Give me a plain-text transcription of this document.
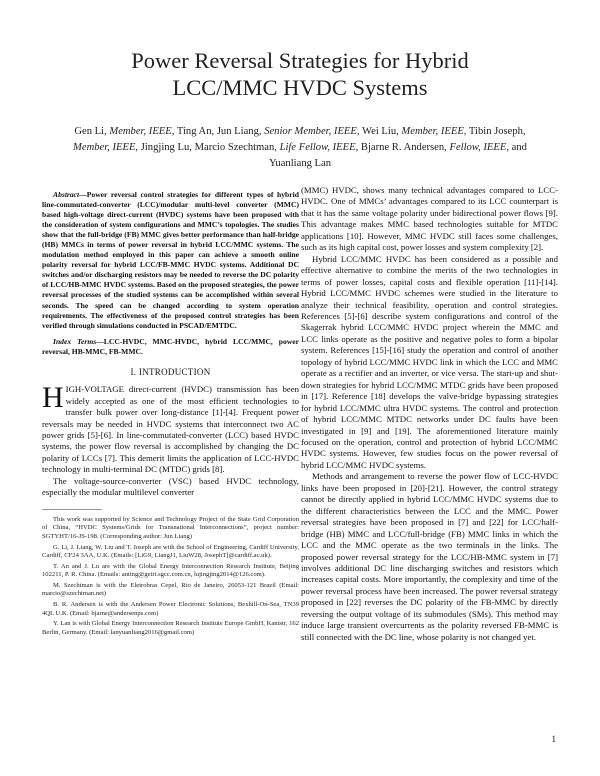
Power Reversal Strategies for Hybrid
LCC/MMC HVDC Systems
Gen Li, Member, IEEE, Ting An, Jun Liang, Senior Member, IEEE, Wei Liu, Member, IEEE, Tibin Joseph, Member, IEEE, Jingjing Lu, Marcio Szechtman, Life Fellow, IEEE, Bjarne R. Andersen, Fellow, IEEE, and Yuanliang Lan

Abstract—Power reversal control strategies for different types of hybrid line-commutated-converter (LCC)/modular multi-level converter (MMC) based high-voltage direct-current (HVDC) systems have been proposed with the consideration of system configurations and MMC’s topologies. The studies show that the full-bridge (FB) MMC gives better performance than half-bridge (HB) MMCs in terms of power reversal in hybrid LCC/MMC systems. The modulation method employed in this paper can achieve a smooth online polarity reversal for hybrid LCC/FB-MMC HVDC systems. Additional DC switches and/or discharging resistors may be needed to reverse the DC polarity of LCC/HB-MMC HVDC systems. Based on the proposed strategies, the power reversal processes of the studied systems can be accomplished within several seconds. The speed can be changed according to system operation requirements. The effectiveness of the proposed control strategies has been verified through simulations conducted in PSCAD/EMTDC.

Index Terms—LCC-HVDC, MMC-HVDC, hybrid LCC/MMC, power reversal, HB-MMC, FB-MMC.

I. INTRODUCTION

HIGH-VOLTAGE direct-current (HVDC) transmission has been widely accepted as one of the most efficient technologies to transfer bulk power over long-distance [1]-[4]. Frequent power reversals may be needed in HVDC systems that interconnect two AC power grids [5]-[6]. In line-commutated-converter (LCC) based HVDC systems, the power flow reversal is accomplished by changing the DC polarity of LCCs [7]. This demerit limits the application of LCC-HVDC technology in multi-terminal DC (MTDC) grids [8].

The voltage-source-converter (VSC) based HVDC technology, especially the modular multilevel converter

This work was supported by Science and Technology Project of the State Grid Corporation of China, “HVDC Systems/Grids for Transnational Interconnections”, project number: SGTYHT/16-JS-198. (Corresponding author: Jun Liang)

G. Li, J. Liang, W. Liu and T. Joseph are with the School of Engineering, Cardiff University, Cardiff, CF24 3AA, U.K. (Emails: [LiG9, LiangJ1, LiuW28, JosephT]@cardiff.ac.uk).

T. An and J. Lu are with the Global Energy Interconnection Research Institute, Beijing 102211, P. R. China. (Emails: anting@geiri.sgcc.com.cn, lujingjing2014@126.com).

M. Szechtman is with the Eletrobras Cepel, Rio de Janeiro, 26053-121 Brazil (Email: marcio@szechtman.net)

B. R. Andersen is with the Andersen Power Electronic Solutions, Bexhill-On-Sea, TN39 4QL U.K. (Email: bjarne@andersenps.com)

Y. Lan is with Global Energy Interconnection Research Institute Europe GmbH, Kantstr, 162 Berlin, Germany. (Email: lanyuanliang2016@gmail.com)

(MMC) HVDC, shows many technical advantages compared to LCC-HVDC. One of MMCs’ advantages compared to its LCC counterpart is that it has the same voltage polarity under bidirectional power flows [9]. This advantage makes MMC based technologies suitable for MTDC applications [10]. However, MMC HVDC still faces some challenges, such as its high capital cost, power losses and system complexity [2].

Hybrid LCC/MMC HVDC has been considered as a possible and effective alternative to combine the merits of the two technologies in terms of power losses, capital costs and flexible operation [11]-[14]. Hybrid LCC/MMC HVDC schemes were studied in the literature to analyze their technical feasibility, operation and control strategies. References [5]-[6] describe system configurations and control of the Skagerrak hybrid LCC/MMC HVDC project wherein the MMC and LCC links operate as the positive and negative poles to form a bipolar system. References [15]-[16] study the operation and control of another topology of hybrid LCC/MMC HVDC link in which the LCC and MMC operate as a rectifier and an inverter, or vice versa. The start-up and shut-down strategies for hybrid LCC/MMC MTDC grids have been proposed in [17]. Reference [18] develops the valve-bridge bypassing strategies for hybrid LCC/MMC ultra HVDC systems. The control and protection of hybrid LCC/MMC MTDC networks under DC faults have been investigated in [9] and [19]. The aforementioned literature mainly focused on the operation, control and protection of hybrid LCC/MMC HVDC systems. However, few studies focus on the power reversal of hybrid LCC/MMC HVDC systems.

Methods and arrangement to reverse the power flow of LCC-HVDC links have been proposed in [20]-[21]. However, the control strategy cannot be directly applied in hybrid LCC/MMC HVDC systems due to the different characteristics between the LCC and the MMC. Power reversal strategies have been proposed in [7] and [22] for LCC/half-bridge (HB) MMC and LCC/full-bridge (FB) MMC links in which the LCC and the MMC operate as the two terminals in the links. The proposed power reversal strategy for the LCC/HB-MMC system in [7] involves additional DC line discharging switches and resistors which increases capital costs. More importantly, the complexity and time of the power reversal process have been increased. The power reversal strategy proposed in [22] reverses the DC polarity of the FB-MMC by directly reversing the output voltage of its submodules (SMs). This method may induce large transient overcurrents as the polarity reversed FB-MMC is still connected with the DC line, whose polarity is not changed yet.

1
